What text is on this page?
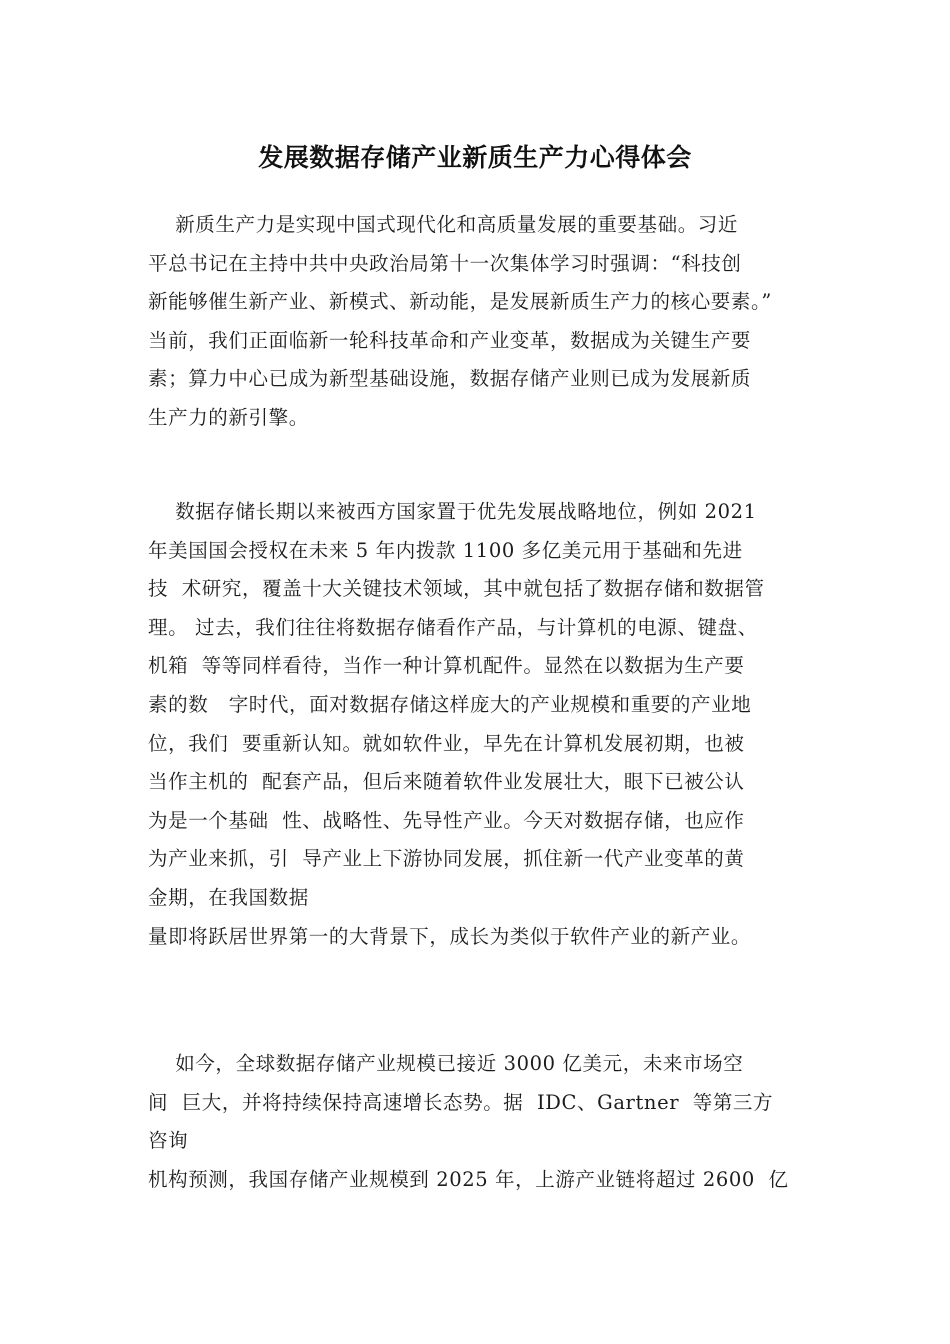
发展数据存储产业新质生产力心得体会
新质生产力是实现中国式现代化和高质量发展的重要基础。习近
平总书记在主持中共中央政治局第十一次集体学习时强调：“科技创
新能够催生新产业、新模式、新动能，是发展新质生产力的核心要素。”
当前，我们正面临新一轮科技革命和产业变革，数据成为关键生产要
素；算力中心已成为新型基础设施，数据存储产业则已成为发展新质
生产力的新引擎。
数据存储长期以来被西方国家置于优先发展战略地位，例如 2021
年美国国会授权在未来 5 年内拨款 1100 多亿美元用于基础和先进
技  术研究，覆盖十大关键技术领域，其中就包括了数据存储和数据管
理。 过去，我们往往将数据存储看作产品，与计算机的电源、键盘、
机箱  等等同样看待，当作一种计算机配件。显然在以数据为生产要
素的数   字时代，面对数据存储这样庞大的产业规模和重要的产业地
位，我们  要重新认知。就如软件业，早先在计算机发展初期，也被
当作主机的  配套产品，但后来随着软件业发展壮大，眼下已被公认
为是一个基础  性、战略性、先导性产业。今天对数据存储，也应作
为产业来抓，引  导产业上下游协同发展，抓住新一代产业变革的黄
金期，在我国数据
量即将跃居世界第一的大背景下，成长为类似于软件产业的新产业。
如今，全球数据存储产业规模已接近 3000 亿美元，未来市场空
间  巨大，并将持续保持高速增长态势。据  IDC、Gartner  等第三方
咨询
机构预测，我国存储产业规模到 2025 年，上游产业链将超过 2600  亿
